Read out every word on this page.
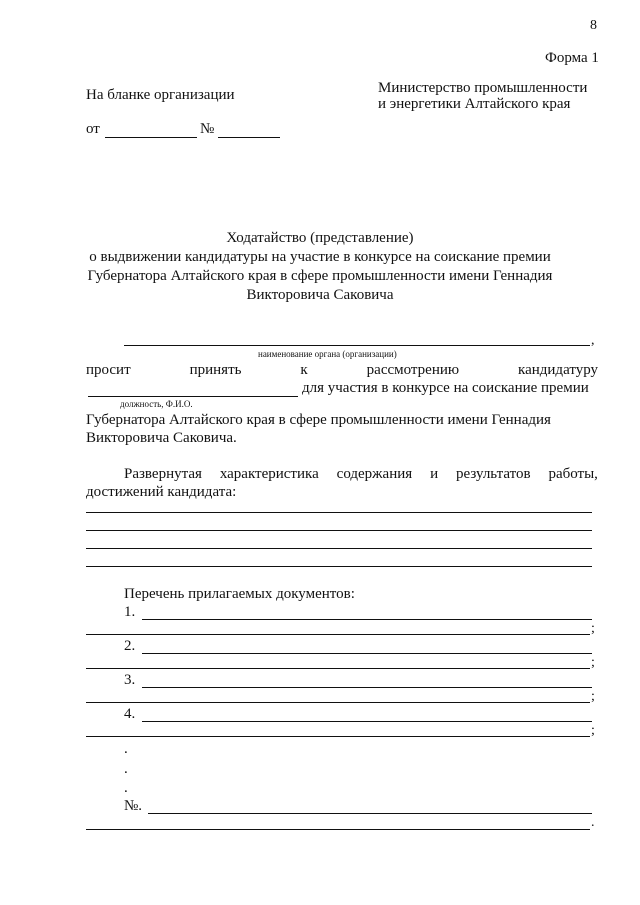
8
Форма 1
На бланке организации	Министерство промышленности
и энергетики Алтайского края
от	№
Ходатайство (представление)
о выдвижении кандидатуры на участие в конкурсе на соискание премии
Губернатора Алтайского края в сфере промышленности имени Геннадия
Викторовича Саковича
,
наименование органа (организации)
просит	принять	к	рассмотрению	кандидатуру
для участия в конкурсе на соискание премии
должность, Ф.И.О.
Губернатора Алтайского края в сфере промышленности имени Геннадия
Викторовича Саковича.
Развернутая характеристика содержания и результатов работы,
достижений кандидата:
Перечень прилагаемых документов:
1.
;
2.
;
3.
;
4.
;
.
.
.
№.
.
